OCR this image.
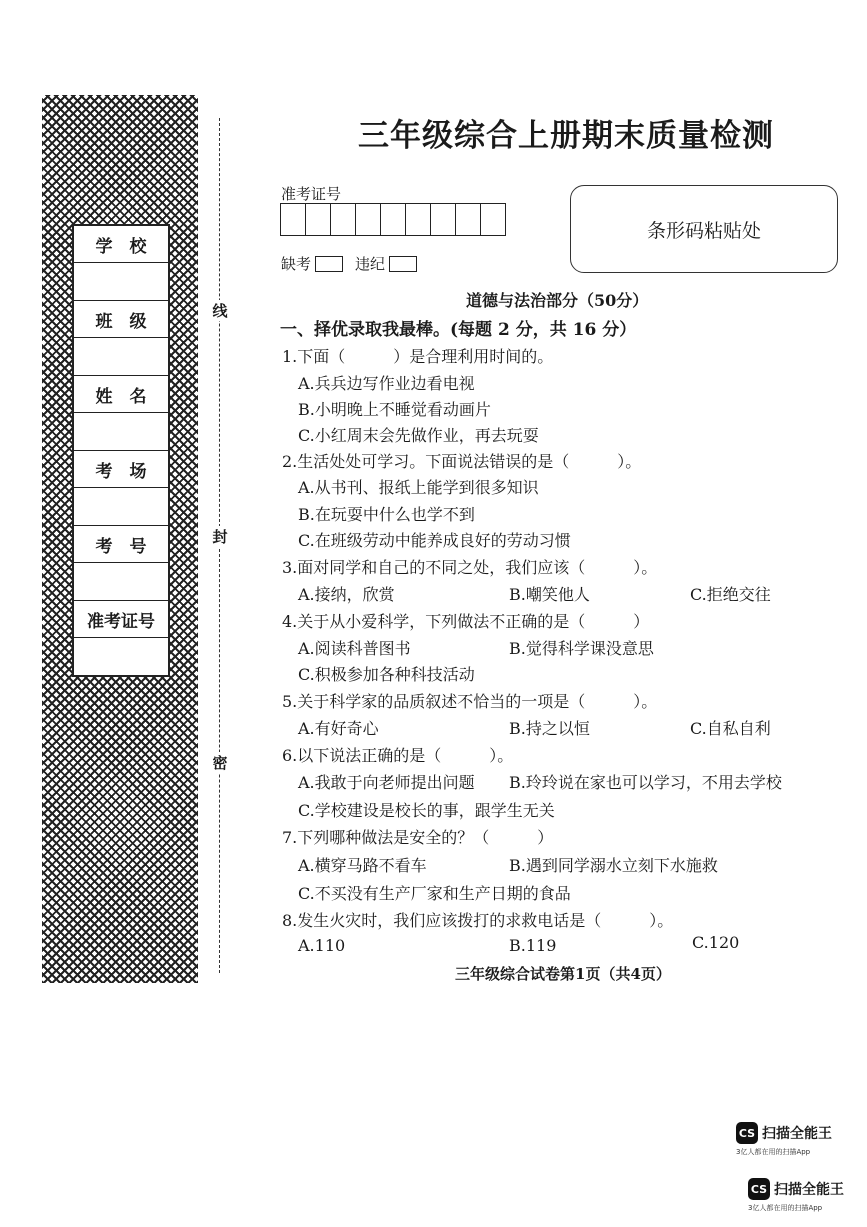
学　校
班　级
姓　名
考　场
考　号
准考证号
线
封
密
三年级综合上册期末质量检测
准考证号
缺考	违纪
条形码粘贴处
道德与法治部分（50分）
一、择优录取我最棒。(每题 2 分，共 16 分）
1.下面（　　　）是合理利用时间的。
A.兵兵边写作业边看电视
B.小明晚上不睡觉看动画片
C.小红周末会先做作业，再去玩耍
2.生活处处可学习。下面说法错误的是（　　　）。
A.从书刊、报纸上能学到很多知识
B.在玩耍中什么也学不到
C.在班级劳动中能养成良好的劳动习惯
3.面对同学和自己的不同之处，我们应该（　　　）。
A.接纳，欣赏	B.嘲笑他人	C.拒绝交往
4.关于从小爱科学，下列做法不正确的是（　　　）
A.阅读科普图书	B.觉得科学课没意思
C.积极参加各种科技活动
5.关于科学家的品质叙述不恰当的一项是（　　　）。
A.有好奇心	B.持之以恒	C.自私自利
6.以下说法正确的是（　　　）。
A.我敢于向老师提出问题 B.玲玲说在家也可以学习，不用去学校
C.学校建设是校长的事，跟学生无关
7.下列哪种做法是安全的？（　　　）
A.横穿马路不看车	B.遇到同学溺水立刻下水施救
C.不买没有生产厂家和生产日期的食品
8.发生火灾时，我们应该拨打的求救电话是（　　　）。
A.110	B.119	C.120
三年级综合试卷第1页（共4页）
CS 扫描全能王
3亿人都在用的扫描App
CS 扫描全能王
3亿人都在用的扫描App
